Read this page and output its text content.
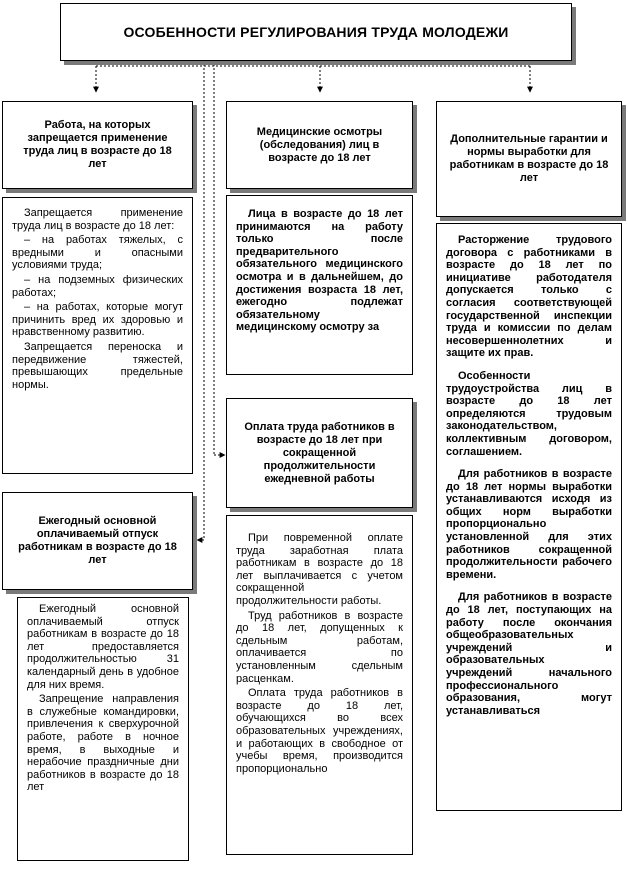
ОСОБЕННОСТИ РЕГУЛИРОВАНИЯ ТРУДА МОЛОДЕЖИ
Работа, на которых запрещается применение труда лиц в возрасте до 18 лет

Запрещается применение труда лиц в возрасте до 18 лет:

– на работах тяжелых, с вредными и опасными условиями труда;

– на подземных физических работах;

– на работах, которые могут причинить вред их здоровью и нравственному развитию.

Запрещается переноска и передвижение тяжестей, превышающих предельные нормы.

Ежегодный основной оплачиваемый отпуск работникам в возрасте до 18 лет

Ежегодный основной оплачиваемый отпуск работникам в возрасте до 18 лет предоставляется продолжительностью 31 календарный день в удобное для них время.

Запрещение направления в служебные командировки, привлечения к сверхурочной работе, работе в ночное время, в выходные и нерабочие праздничные дни работников в возрасте до 18 лет

Медицинские осмотры (обследования) лиц в возрасте до 18 лет

Лица в возрасте до 18 лет принимаются на работу только после предварительного обязательного медицинского осмотра и в дальнейшем, до достижения возраста 18 лет, ежегодно подлежат обязательному медицинскому осмотру за

Оплата труда работников в возрасте до 18 лет при сокращенной продолжительности ежедневной работы

При повременной оплате труда заработная плата работникам в возрасте до 18 лет выплачивается с учетом сокращенной продолжительности работы.

Труд работников в возрасте до 18 лет, допущенных к сдельным работам, оплачивается по установленным сдельным расценкам.

Оплата труда работников в возрасте до 18 лет, обучающихся во всех образовательных учреждениях, и работающих в свободное от учебы время, производится пропорционально

Дополнительные гарантии и нормы выработки для работникам в возрасте до 18 лет

Расторжение трудового договора с работниками в возрасте до 18 лет по инициативе работодателя допускается только с согласия соответствующей государственной инспекции труда и комиссии по делам несовершеннолетних и защите их прав.

Особенности трудоустройства лиц в возрасте до 18 лет определяются трудовым законодательством, коллективным договором, соглашением.

Для работников в возрасте до 18 лет нормы выработки устанавливаются исходя из общих норм выработки пропорционально установленной для этих работников сокращенной продолжительности рабочего времени.

Для работников в возрасте до 18 лет, поступающих на работу после окончания общеобразовательных учреждений и образовательных учреждений начального профессионального образования, могут устанавливаться
